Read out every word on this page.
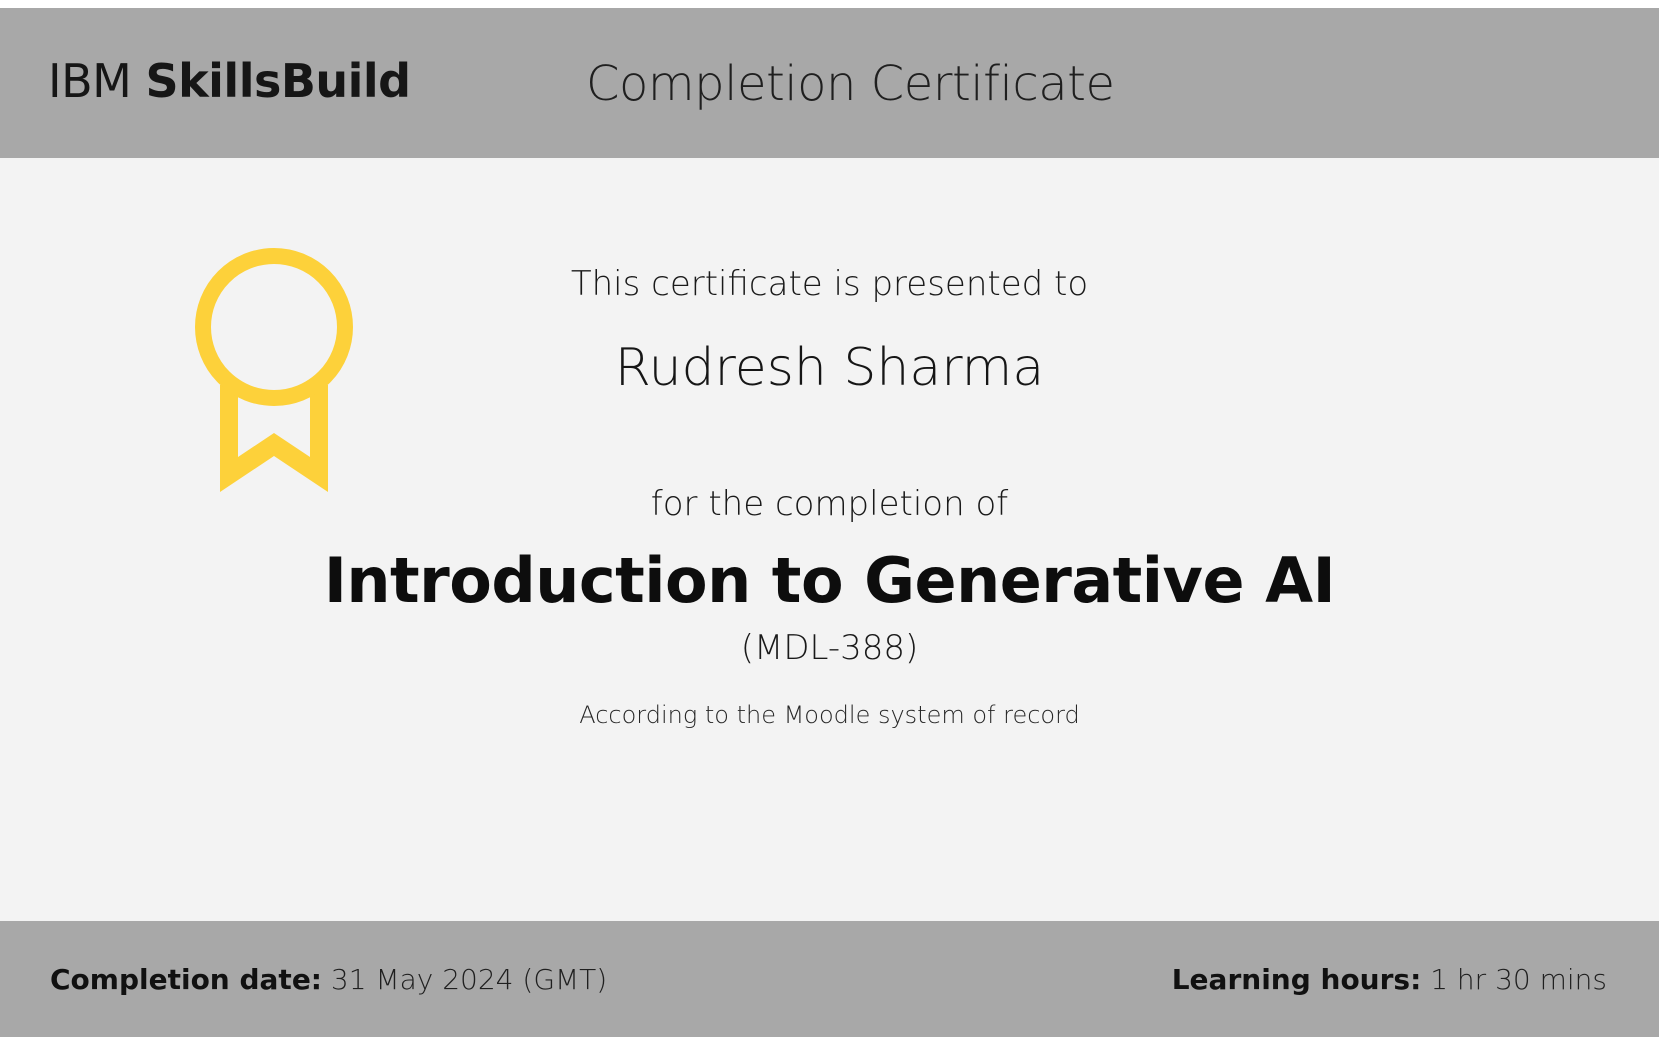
IBM SkillsBuild	Completion Certificate
This certificate is presented to
Rudresh Sharma
for the completion of
Introduction to Generative AI
(MDL-388)
According to the Moodle system of record
Completion date: 31 May 2024 (GMT)	Learning hours: 1 hr 30 mins
